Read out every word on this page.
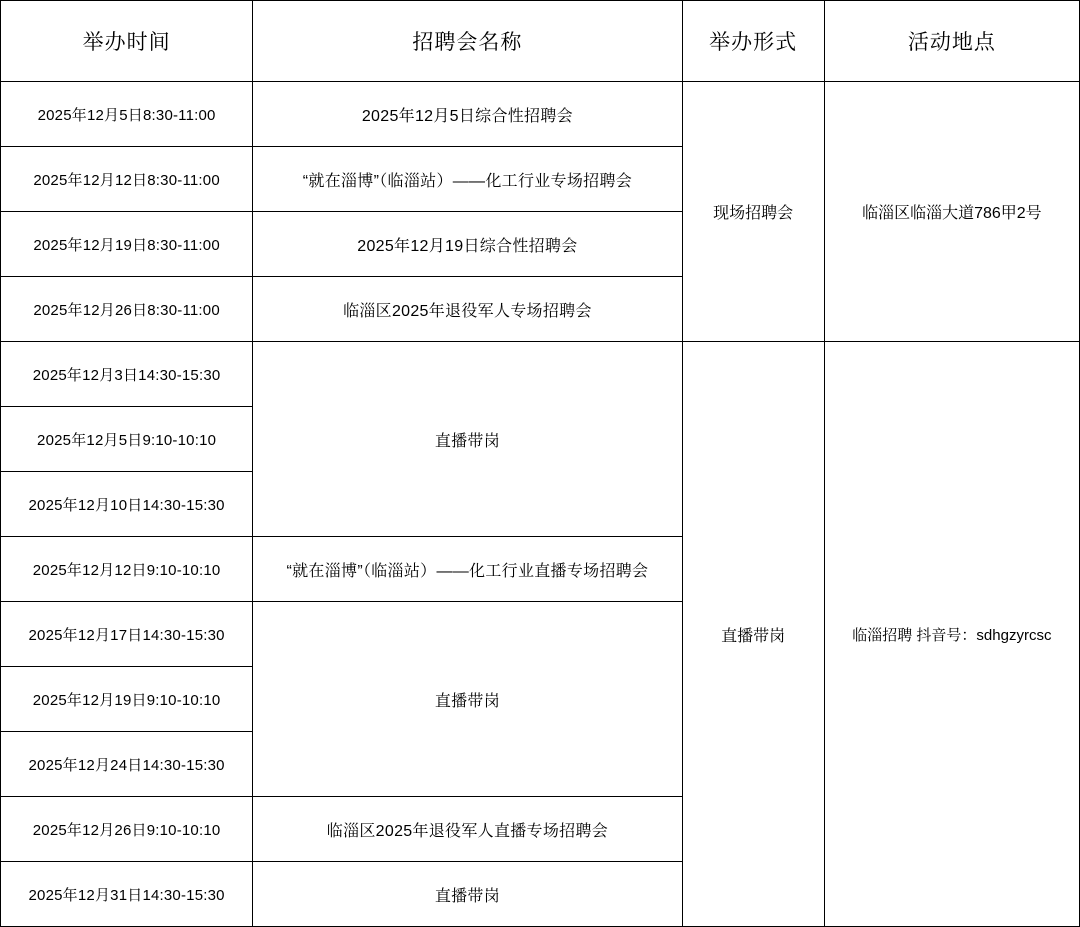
举办时间	招聘会名称	举办形式	活动地点
2025年12月5日8:30-11:00	2025年12月5日综合性招聘会	现场招聘会	临淄区临淄大道786甲2号
2025年12月12日8:30-11:00	“就在淄博”（临淄站）——化工行业专场招聘会		
2025年12月19日8:30-11:00	2025年12月19日综合性招聘会		
2025年12月26日8:30-11:00	临淄区2025年退役军人专场招聘会		
2025年12月3日14:30-15:30	直播带岗	直播带岗	临淄招聘 抖音号：sdhgzyrcsc
2025年12月5日9:10-10:10			
2025年12月10日14:30-15:30			
2025年12月12日9:10-10:10	“就在淄博”（临淄站）——化工行业直播专场招聘会		
2025年12月17日14:30-15:30	直播带岗		
2025年12月19日9:10-10:10			
2025年12月24日14:30-15:30			
2025年12月26日9:10-10:10	临淄区2025年退役军人直播专场招聘会		
2025年12月31日14:30-15:30	直播带岗		
